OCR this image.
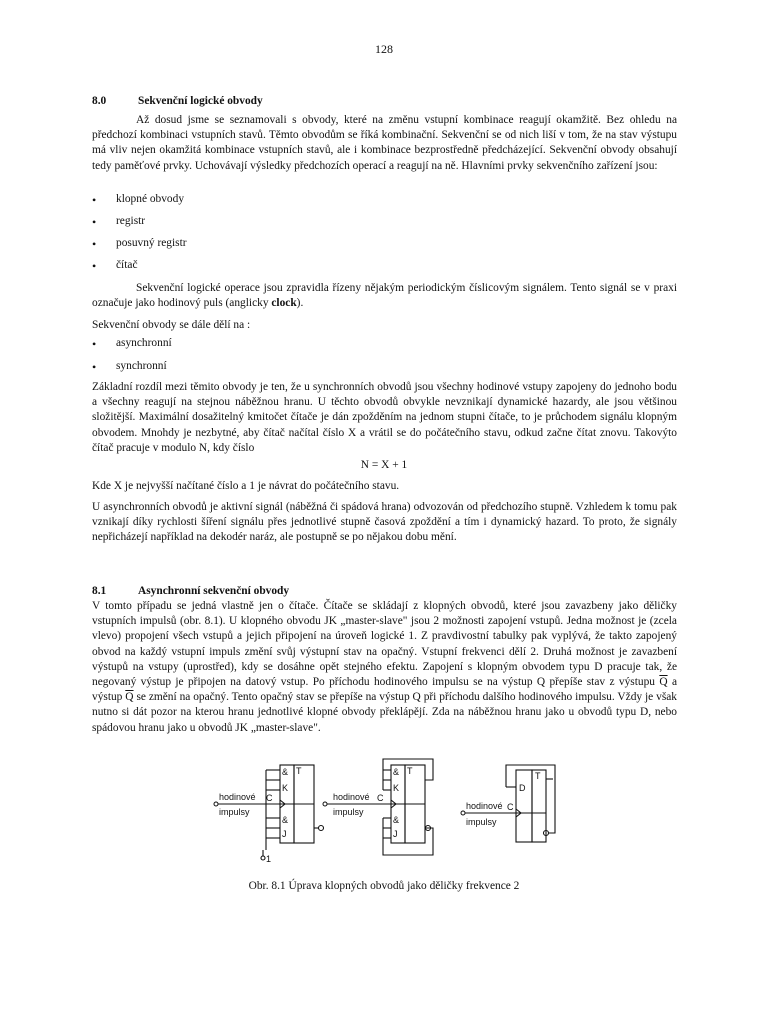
128
8.0	Sekvenční logické obvody
Až dosud jsme se seznamovali s obvody, které na změnu vstupní kombinace reagují okamžitě. Bez ohledu na předchozí kombinaci vstupních stavů. Těmto obvodům se říká kombinační. Sekvenční se od nich liší v tom, že na stav výstupu má vliv nejen okamžitá kombinace vstupních stavů, ale i kombinace bezprostředně předcházející. Sekvenční obvody obsahují tedy paměťové prvky. Uchovávají výsledky předchozích operací a reagují na ně. Hlavními prvky sekvenčního zařízení jsou:
• klopné obvody
• registr
• posuvný registr
• čítač
Sekvenční logické operace jsou zpravidla řízeny nějakým periodickým číslicovým signálem. Tento signál se v praxi označuje jako hodinový puls (anglicky clock).
Sekvenční obvody se dále dělí na :
• asynchronní
• synchronní
Základní rozdíl mezi těmito obvody je ten, že u synchronních obvodů jsou všechny hodinové vstupy zapojeny do jednoho bodu a všechny reagují na stejnou náběžnou hranu. U těchto obvodů obvykle nevznikají dynamické hazardy, ale jsou většinou složitější. Maximální dosažitelný kmitočet čítače je dán zpožděním na jednom stupni čítače, to je průchodem signálu klopným obvodem. Mnohdy je nezbytné, aby čítač načítal číslo X a vrátil se do počátečního stavu, odkud začne čítat znovu. Takovýto čítač pracuje v modulo N, kdy číslo
N = X + 1
Kde X je nejvyšší načítané číslo a 1 je návrat do počátečního stavu.
U asynchronních obvodů je aktivní signál (náběžná či spádová hrana) odvozován od předchozího stupně. Vzhledem k tomu pak vznikají díky rychlosti šíření signálu přes jednotlivé stupně časová zpoždění a tím i dynamický hazard. To proto, že signály nepřicházejí například na dekodér naráz, ale postupně se po nějakou dobu mění.
8.1	Asynchronní sekvenční obvody
V tomto případu se jedná vlastně jen o čítače. Čítače se skládají z klopných obvodů, které jsou zavazbeny jako děličky vstupních impulsů (obr. 8.1). U klopného obvodu JK „master-slave" jsou 2 možnosti zapojení vstupů. Jedna možnost je (zcela vlevo) propojení všech vstupů a jejich připojení na úroveň logické 1. Z pravdivostní tabulky pak vyplývá, že takto zapojený obvod na každý vstupní impuls změní svůj výstupní stav na opačný. Vstupní frekvenci dělí 2. Druhá možnost je zavazbení výstupů na vstupy (uprostřed), kdy se dosáhne opět stejného efektu. Zapojení s klopným obvodem typu D pracuje tak, že negovaný výstup je připojen na datový vstup. Po příchodu hodinového impulsu se na výstup Q přepíše stav z výstupu $\overline{Q}$ a výstup $\overline{Q}$ se změní na opačný. Tento opačný stav se přepíše na výstup Q při příchodu dalšího hodinového impulsu. Vždy je však nutno si dát pozor na kterou hranu jednotlivé klopné obvody překlápějí. Zda na náběžnou hranu jako u obvodů typu D, nebo spádovou hranu jako u obvodů JK „master-slave".
& T
K
C
&
J
1
hodinové
impulsy
& T
K
C
&
J
hodinové
impulsy
T
D
C
hodinové
impulsy
Obr. 8.1 Úprava klopných obvodů jako děličky frekvence 2
